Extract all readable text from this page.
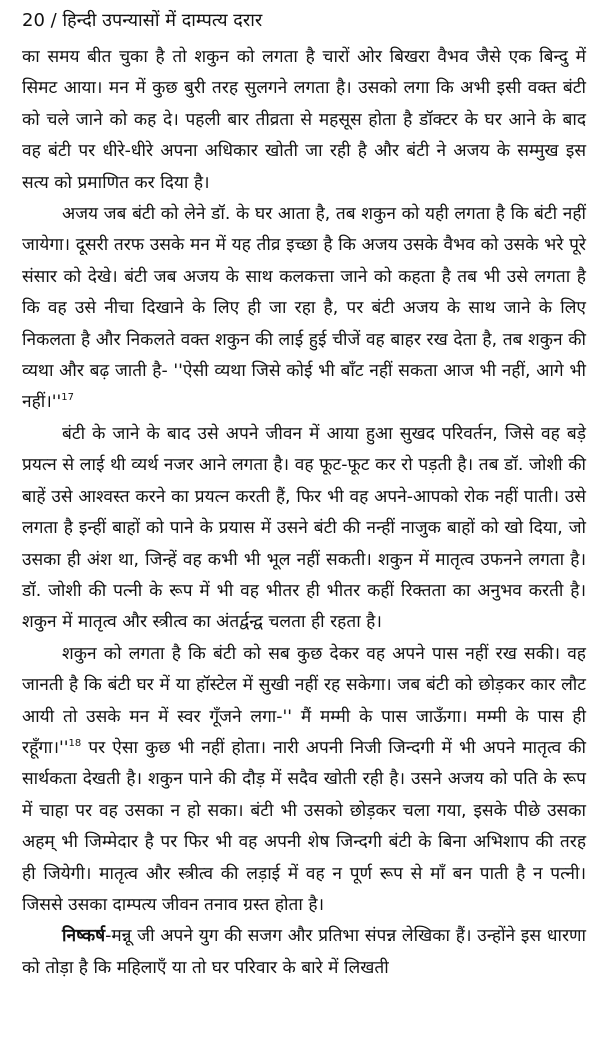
20 / हिन्दी उपन्यासों में दाम्पत्य दरार

का समय बीत चुका है तो शकुन को लगता है चारों ओर बिखरा वैभव जैसे एक बिन्दु में सिमट आया। मन में कुछ बुरी तरह सुलगने लगता है। उसको लगा कि अभी इसी वक्त बंटी को चले जाने को कह दे। पहली बार तीव्रता से महसूस होता है डॉक्टर के घर आने के बाद वह बंटी पर धीरे-धीरे अपना अधिकार खोती जा रही है और बंटी ने अजय के सम्मुख इस सत्य को प्रमाणित कर दिया है।

अजय जब बंटी को लेने डॉ. के घर आता है, तब शकुन को यही लगता है कि बंटी नहीं जायेगा। दूसरी तरफ उसके मन में यह तीव्र इच्छा है कि अजय उसके वैभव को उसके भरे पूरे संसार को देखे। बंटी जब अजय के साथ कलकत्ता जाने को कहता है तब भी उसे लगता है कि वह उसे नीचा दिखाने के लिए ही जा रहा है, पर बंटी अजय के साथ जाने के लिए निकलता है और निकलते वक्त शकुन की लाई हुई चीजें वह बाहर रख देता है, तब शकुन की व्यथा और बढ़ जाती है- ''ऐसी व्यथा जिसे कोई भी बाँट नहीं सकता आज भी नहीं, आगे भी $नहीं।''^{17}$

बंटी के जाने के बाद उसे अपने जीवन में आया हुआ सुखद परिवर्तन, जिसे वह बड़े प्रयत्न से लाई थी व्यर्थ नजर आने लगता है। वह फूट-फूट कर रो पड़ती है। तब डॉ. जोशी की बाहें उसे आश्वस्त करने का प्रयत्न करती हैं, फिर भी वह अपने-आपको रोक नहीं पाती। उसे लगता है इन्हीं बाहों को पाने के प्रयास में उसने बंटी की नन्हीं नाजुक बाहों को खो दिया, जो उसका ही अंश था, जिन्हें वह कभी भी भूल नहीं सकती। शकुन में मातृत्व उफनने लगता है। डॉ. जोशी की पत्नी के रूप में भी वह भीतर ही भीतर कहीं रिक्तता का अनुभव करती है। शकुन में मातृत्व और स्त्रीत्व का अंतर्द्वन्द्व चलता ही रहता है।

शकुन को लगता है कि बंटी को सब कुछ देकर वह अपने पास नहीं रख सकी। वह जानती है कि बंटी घर में या हॉस्टेल में सुखी नहीं रह सकेगा। जब बंटी को छोड़कर कार लौट आयी तो उसके मन में स्वर गूँजने लगा-'' मैं मम्मी के पास जाऊँगा। मम्मी के पास ही $रहूँगा।''^{18}$ पर ऐसा कुछ भी नहीं होता। नारी अपनी निजी जिन्दगी में भी अपने मातृत्व की सार्थकता देखती है। शकुन पाने की दौड़ में सदैव खोती रही है। उसने अजय को पति के रूप में चाहा पर वह उसका न हो सका। बंटी भी उसको छोड़कर चला गया, इसके पीछे उसका अहम् भी जिम्मेदार है पर फिर भी वह अपनी शेष जिन्दगी बंटी के बिना अभिशाप की तरह ही जियेगी। मातृत्व और स्त्रीत्व की लड़ाई में वह न पूर्ण रूप से माँ बन पाती है न पत्नी। जिससे उसका दाम्पत्य जीवन तनाव ग्रस्त होता है।

निष्कर्ष-मन्नू जी अपने युग की सजग और प्रतिभा संपन्न लेखिका हैं। उन्होंने इस धारणा को तोड़ा है कि महिलाएँ या तो घर परिवार के बारे में लिखती
